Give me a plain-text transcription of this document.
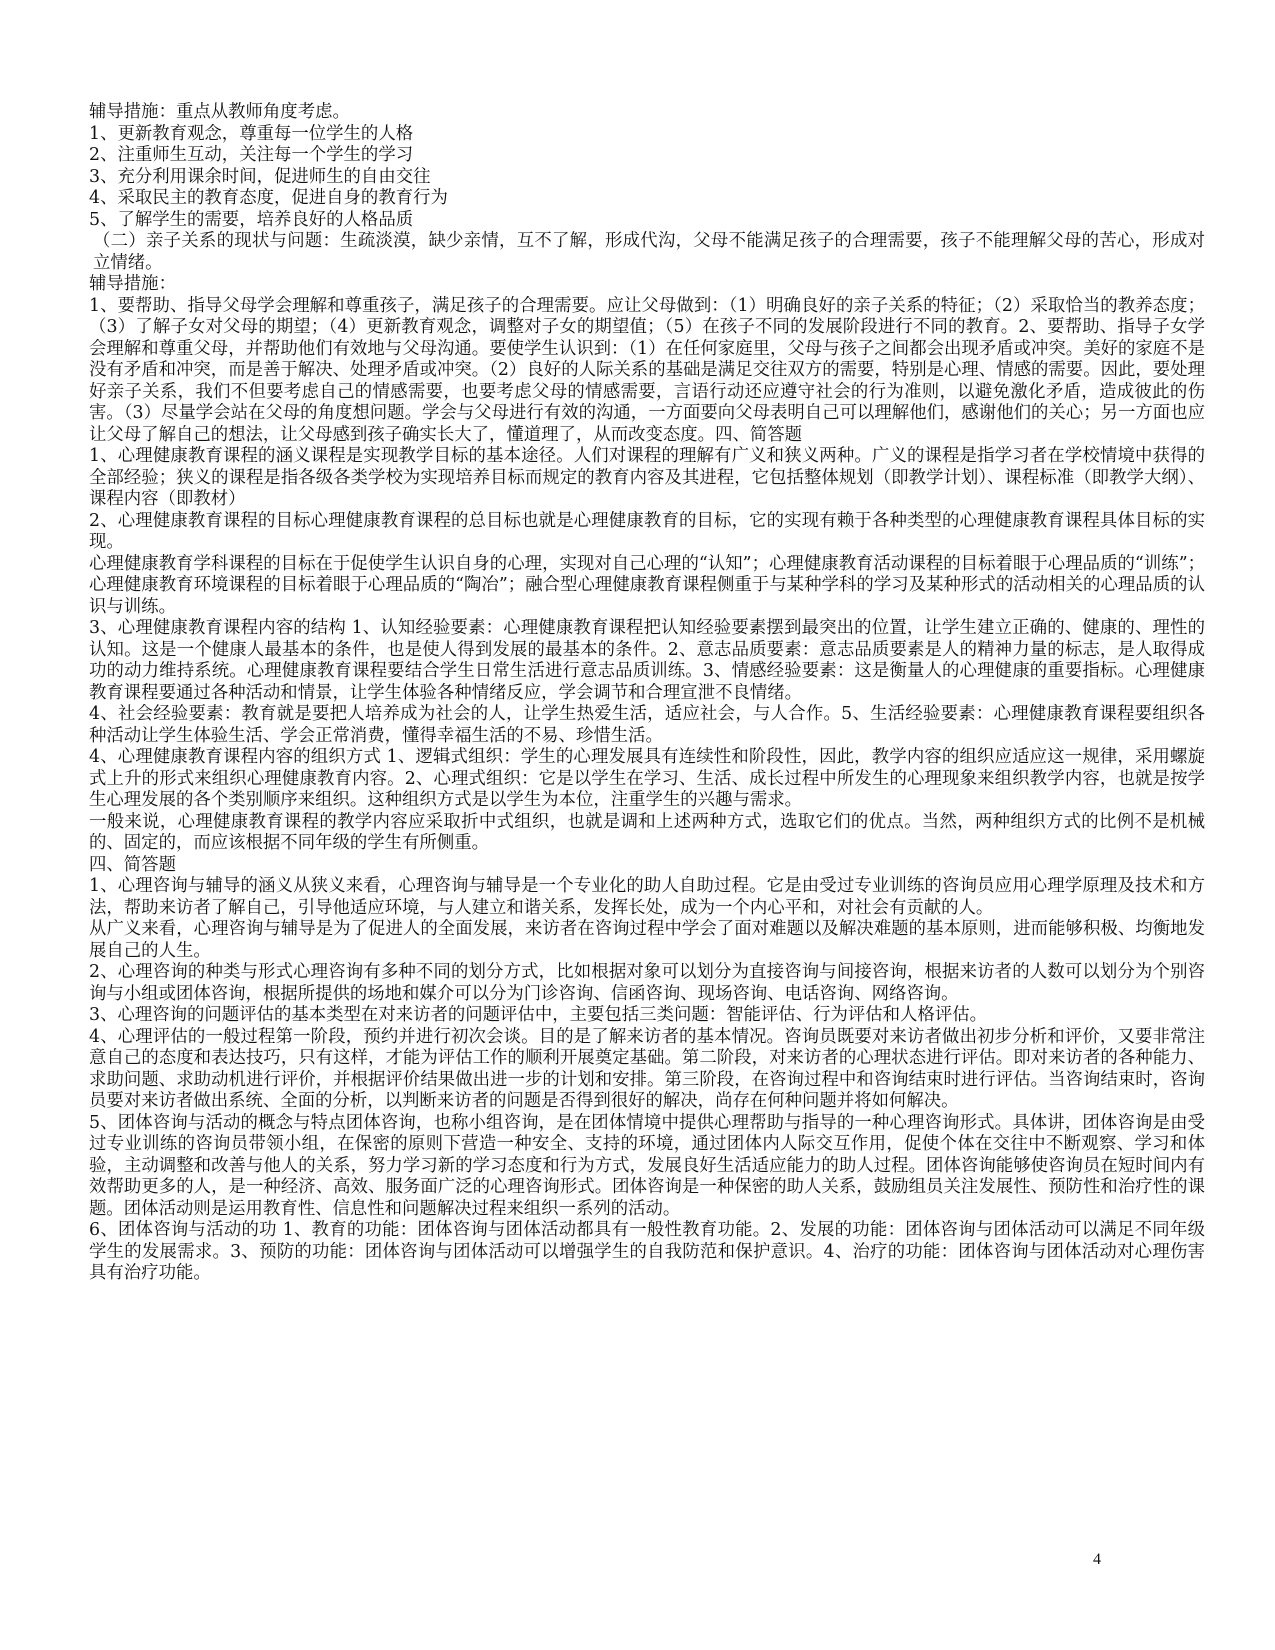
辅导措施：重点从教师角度考虑。

1、更新教育观念，尊重每一位学生的人格

2、注重师生互动，关注每一个学生的学习

3、充分利用课余时间，促进师生的自由交往

4、采取民主的教育态度，促进自身的教育行为

5、了解学生的需要，培养良好的人格品质

（二）亲子关系的现状与问题：生疏淡漠，缺少亲情，互不了解，形成代沟，父母不能满足孩子的合理需要，孩子不能理解父母的苦心，形成对立情绪。

辅导措施：

1、要帮助、指导父母学会理解和尊重孩子，满足孩子的合理需要。应让父母做到：（1）明确良好的亲子关系的特征；（2）采取恰当的教养态度；（3）了解子女对父母的期望；（4）更新教育观念，调整对子女的期望值；（5）在孩子不同的发展阶段进行不同的教育。2、要帮助、指导子女学会理解和尊重父母，并帮助他们有效地与父母沟通。要使学生认识到：（1）在任何家庭里，父母与孩子之间都会出现矛盾或冲突。美好的家庭不是没有矛盾和冲突，而是善于解决、处理矛盾或冲突。（2）良好的人际关系的基础是满足交往双方的需要，特别是心理、情感的需要。因此，要处理好亲子关系，我们不但要考虑自己的情感需要，也要考虑父母的情感需要，言语行动还应遵守社会的行为准则，以避免激化矛盾，造成彼此的伤害。（3）尽量学会站在父母的角度想问题。学会与父母进行有效的沟通，一方面要向父母表明自己可以理解他们，感谢他们的关心；另一方面也应让父母了解自己的想法，让父母感到孩子确实长大了，懂道理了，从而改变态度。四、简答题

1、心理健康教育课程的涵义课程是实现教学目标的基本途径。人们对课程的理解有广义和狭义两种。广义的课程是指学习者在学校情境中获得的全部经验；狭义的课程是指各级各类学校为实现培养目标而规定的教育内容及其进程，它包括整体规划（即教学计划）、课程标准（即教学大纲）、课程内容（即教材）

2、心理健康教育课程的目标心理健康教育课程的总目标也就是心理健康教育的目标，它的实现有赖于各种类型的心理健康教育课程具体目标的实现。

心理健康教育学科课程的目标在于促使学生认识自身的心理，实现对自己心理的“认知”；心理健康教育活动课程的目标着眼于心理品质的“训练”；心理健康教育环境课程的目标着眼于心理品质的“陶冶”；融合型心理健康教育课程侧重于与某种学科的学习及某种形式的活动相关的心理品质的认识与训练。

3、心理健康教育课程内容的结构 1、认知经验要素：心理健康教育课程把认知经验要素摆到最突出的位置，让学生建立正确的、健康的、理性的认知。这是一个健康人最基本的条件，也是使人得到发展的最基本的条件。2、意志品质要素：意志品质要素是人的精神力量的标志，是人取得成功的动力维持系统。心理健康教育课程要结合学生日常生活进行意志品质训练。3、情感经验要素：这是衡量人的心理健康的重要指标。心理健康教育课程要通过各种活动和情景，让学生体验各种情绪反应，学会调节和合理宣泄不良情绪。

4、社会经验要素：教育就是要把人培养成为社会的人，让学生热爱生活，适应社会，与人合作。5、生活经验要素：心理健康教育课程要组织各种活动让学生体验生活、学会正常消费，懂得幸福生活的不易、珍惜生活。

4、心理健康教育课程内容的组织方式 1、逻辑式组织：学生的心理发展具有连续性和阶段性，因此，教学内容的组织应适应这一规律，采用螺旋式上升的形式来组织心理健康教育内容。2、心理式组织：它是以学生在学习、生活、成长过程中所发生的心理现象来组织教学内容，也就是按学生心理发展的各个类别顺序来组织。这种组织方式是以学生为本位，注重学生的兴趣与需求。

一般来说，心理健康教育课程的教学内容应采取折中式组织，也就是调和上述两种方式，选取它们的优点。当然，两种组织方式的比例不是机械的、固定的，而应该根据不同年级的学生有所侧重。

四、简答题

1、心理咨询与辅导的涵义从狭义来看，心理咨询与辅导是一个专业化的助人自助过程。它是由受过专业训练的咨询员应用心理学原理及技术和方法，帮助来访者了解自己，引导他适应环境，与人建立和谐关系，发挥长处，成为一个内心平和，对社会有贡献的人。

从广义来看，心理咨询与辅导是为了促进人的全面发展，来访者在咨询过程中学会了面对难题以及解决难题的基本原则，进而能够积极、均衡地发展自己的人生。

2、心理咨询的种类与形式心理咨询有多种不同的划分方式，比如根据对象可以划分为直接咨询与间接咨询，根据来访者的人数可以划分为个别咨询与小组或团体咨询，根据所提供的场地和媒介可以分为门诊咨询、信函咨询、现场咨询、电话咨询、网络咨询。

3、心理咨询的问题评估的基本类型在对来访者的问题评估中，主要包括三类问题：智能评估、行为评估和人格评估。

4、心理评估的一般过程第一阶段，预约并进行初次会谈。目的是了解来访者的基本情况。咨询员既要对来访者做出初步分析和评价，又要非常注意自己的态度和表达技巧，只有这样，才能为评估工作的顺利开展奠定基础。第二阶段，对来访者的心理状态进行评估。即对来访者的各种能力、求助问题、求助动机进行评价，并根据评价结果做出进一步的计划和安排。第三阶段，在咨询过程中和咨询结束时进行评估。当咨询结束时，咨询员要对来访者做出系统、全面的分析，以判断来访者的问题是否得到很好的解决，尚存在何种问题并将如何解决。

5、团体咨询与活动的概念与特点团体咨询，也称小组咨询，是在团体情境中提供心理帮助与指导的一种心理咨询形式。具体讲，团体咨询是由受过专业训练的咨询员带领小组，在保密的原则下营造一种安全、支持的环境，通过团体内人际交互作用，促使个体在交往中不断观察、学习和体验，主动调整和改善与他人的关系，努力学习新的学习态度和行为方式，发展良好生活适应能力的助人过程。团体咨询能够使咨询员在短时间内有效帮助更多的人，是一种经济、高效、服务面广泛的心理咨询形式。团体咨询是一种保密的助人关系，鼓励组员关注发展性、预防性和治疗性的课题。团体活动则是运用教育性、信息性和问题解决过程来组织一系列的活动。

6、团体咨询与活动的功 1、教育的功能：团体咨询与团体活动都具有一般性教育功能。2、发展的功能：团体咨询与团体活动可以满足不同年级学生的发展需求。3、预防的功能：团体咨询与团体活动可以增强学生的自我防范和保护意识。4、治疗的功能：团体咨询与团体活动对心理伤害具有治疗功能。

4
